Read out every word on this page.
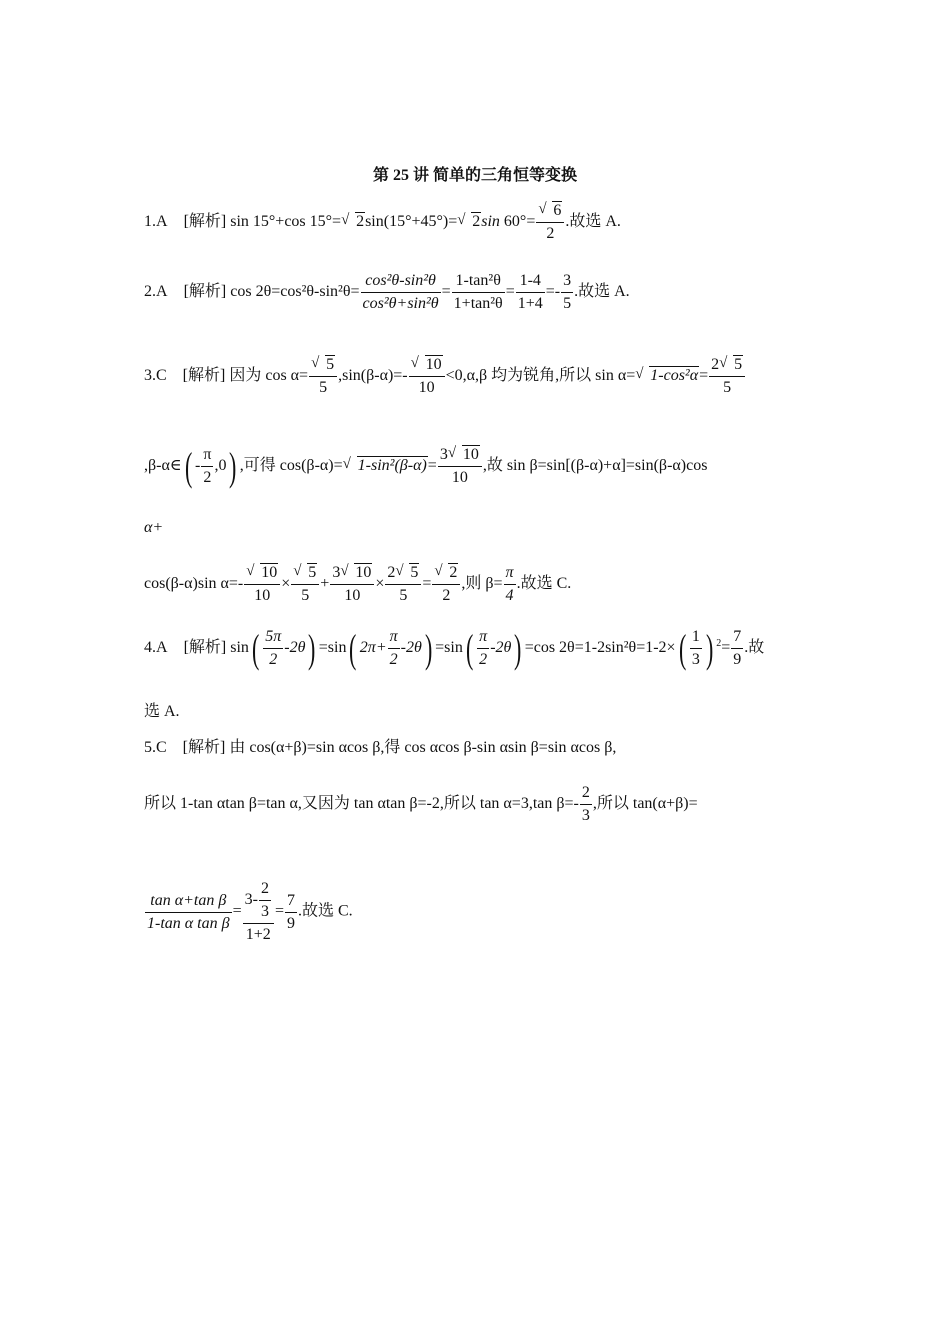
第 25 讲 简单的三角恒等变换
1.A [解析] sin 15°+cos 15°= √ 2sin(15°+45°)= √ 2sin $60^\circ= \frac{√ 6}{2}$ .故选 A.
2.A [解析] $\cos 2\theta=\cos^2\theta-\sin^2\theta= \frac{\text{cos²θ-sin²θ}}{\text{cos²θ+sin²θ}} = \frac{\text{1-tan²θ}}{\text{1+tan²θ}} = \frac{1-4}{1+4} =- \frac{3}{5}$ .故选 A.
3.C [解析] 因为 $\cos \alpha= \frac{√ 5}{5} ,\sin(\beta-\alpha)=- \frac{√ 10}{10} <0,\alpha,\beta$ 均为锐角,所以 sin α= √ $1-\cos^2\alpha= \frac{2 √ 5}{5}$
,β-α∈( - $\frac{\pi}{2} ,0$) ,可得 cos(β-α)= √ $1-\sin^2(\beta-\alpha)= \frac{3 √ 10}{10}$ ,故 sin β=sin[(β-α)+α]=sin(β-α)cos
α+
cos(β-α)sin $\alpha=- \frac{√ 10}{10} \times \frac{√ 5}{5} + \frac{3 √ 10}{10} \times \frac{2 √ 5}{5} = \frac{√ 2}{2}$ ,则 $\beta= \frac{\pi}{4}$ .故选 C.
4.A [解析] $\sin( \frac{5\pi}{2} -2\theta) =\sin$( $2\pi+ \frac{\pi}{2} -2\theta) =\sin( \frac{\pi}{2} -2\theta) =\cos$ $2\theta=1-2\sin^2\theta=1-2\times( \frac{1}{3}$ ) $^2= \frac{7}{9}$ .故
选 A.
5.C [解析] 由 cos(α+β)=sin αcos β,得 cos αcos β-sin αsin β=sin αcos β,
所以 1-tan αtan β=tan α,又因为 tan αtan β=-2,所以 tan α=3,tan $\beta=- \frac{2}{3}$ ,所以 tan(α+β)=
$\frac{\text{tan α+tan β}}{\text{1-tan α tan β}} = \frac{3- \frac{2}{3}}{1+2} = \frac{7}{9}$ .故选 C.
